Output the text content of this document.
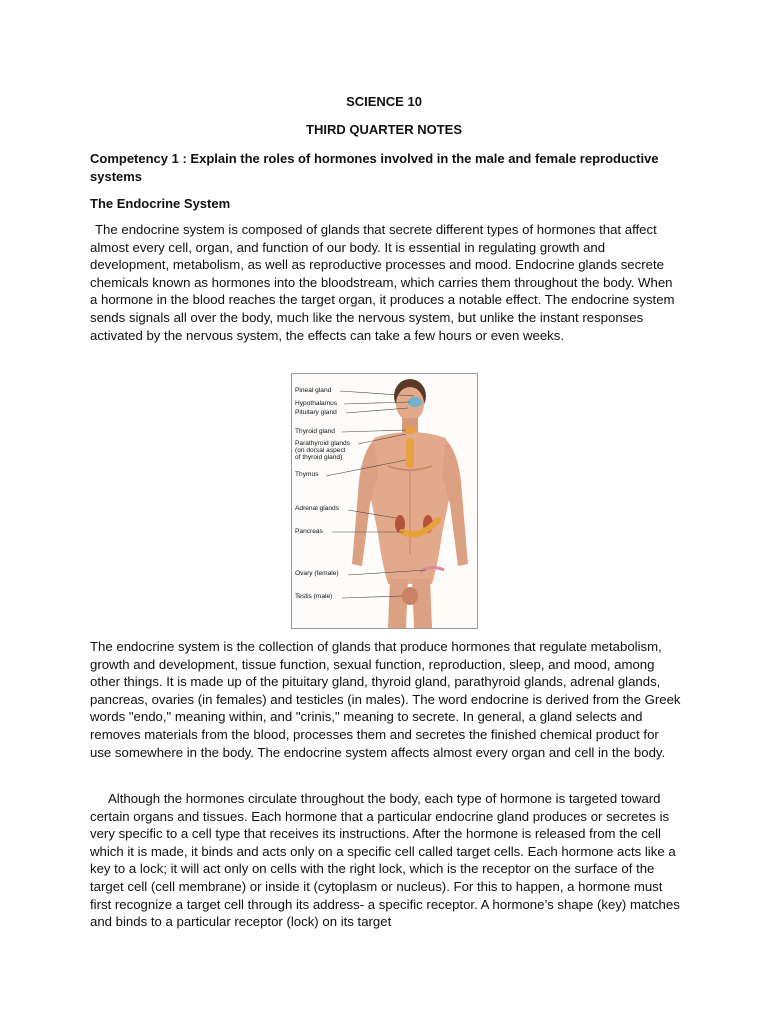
SCIENCE 10
THIRD QUARTER NOTES
Competency 1 : Explain the roles of hormones involved in the male and female reproductive systems
The Endocrine System
The endocrine system is composed of glands that secrete different types of hormones that affect almost every cell, organ, and function of our body. It is essential in regulating growth and development, metabolism, as well as reproductive processes and mood. Endocrine glands secrete chemicals known as hormones into the bloodstream, which carries them throughout the body. When a hormone in the blood reaches the target organ, it produces a notable effect. The endocrine system sends signals all over the body, much like the nervous system, but unlike the instant responses activated by the nervous system, the effects can take a few hours or even weeks.
Pineal gland
Hypothalamus
Pituitary gland
Thyroid gland
Parathyroid glands
(on dorsal aspect
of thyroid gland)
Thymus
Adrenal glands
Pancreas
Ovary (female)
Testis (male)
The endocrine system is the collection of glands that produce hormones that regulate metabolism, growth and development, tissue function, sexual function, reproduction, sleep, and mood, among other things. It is made up of the pituitary gland, thyroid gland, parathyroid glands, adrenal glands, pancreas, ovaries (in females) and testicles (in males). The word endocrine is derived from the Greek words "endo," meaning within, and "crinis," meaning to secrete. In general, a gland selects and removes materials from the blood, processes them and secretes the finished chemical product for use somewhere in the body. The endocrine system affects almost every organ and cell in the body.
Although the hormones circulate throughout the body, each type of hormone is targeted toward certain organs and tissues. Each hormone that a particular endocrine gland produces or secretes is very specific to a cell type that receives its instructions. After the hormone is released from the cell which it is made, it binds and acts only on a specific cell called target cells. Each hormone acts like a key to a lock; it will act only on cells with the right lock, which is the receptor on the surface of the target cell (cell membrane) or inside it (cytoplasm or nucleus). For this to happen, a hormone must first recognize a target cell through its address- a specific receptor. A hormone’s shape (key) matches and binds to a particular receptor (lock) on its target
